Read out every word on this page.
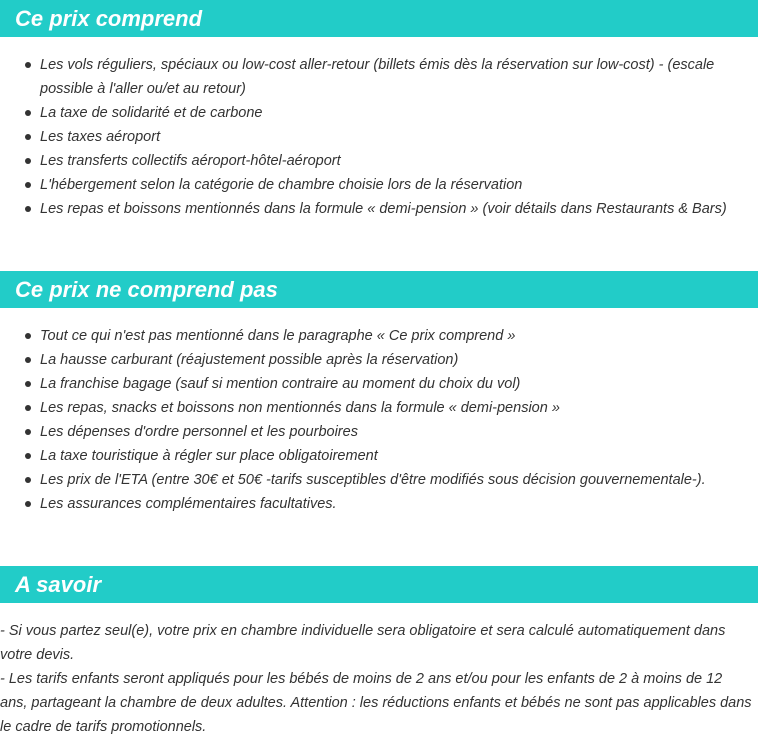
Ce prix comprend
Les vols réguliers, spéciaux ou low-cost aller-retour (billets émis dès la réservation sur low-cost) - (escale possible à l'aller ou/et au retour)
La taxe de solidarité et de carbone
Les taxes aéroport
Les transferts collectifs aéroport-hôtel-aéroport
L'hébergement selon la catégorie de chambre choisie lors de la réservation
Les repas et boissons mentionnés dans la formule « demi-pension » (voir détails dans Restaurants & Bars)
Ce prix ne comprend pas
Tout ce qui n'est pas mentionné dans le paragraphe « Ce prix comprend »
La hausse carburant (réajustement possible après la réservation)
La franchise bagage (sauf si mention contraire au moment du choix du vol)
Les repas, snacks et boissons non mentionnés dans la formule « demi-pension »
Les dépenses d'ordre personnel et les pourboires
La taxe touristique à régler sur place obligatoirement
Les prix de l'ETA (entre 30€ et 50€ -tarifs susceptibles d'être modifiés sous décision gouvernementale-).
Les assurances complémentaires facultatives.
A savoir

- Si vous partez seul(e), votre prix en chambre individuelle sera obligatoire et sera calculé automatiquement dans votre devis.

- Les tarifs enfants seront appliqués pour les bébés de moins de 2 ans et/ou pour les enfants de 2 à moins de 12 ans, partageant la chambre de deux adultes. Attention : les réductions enfants et bébés ne sont pas applicables dans le cadre de tarifs promotionnels.
